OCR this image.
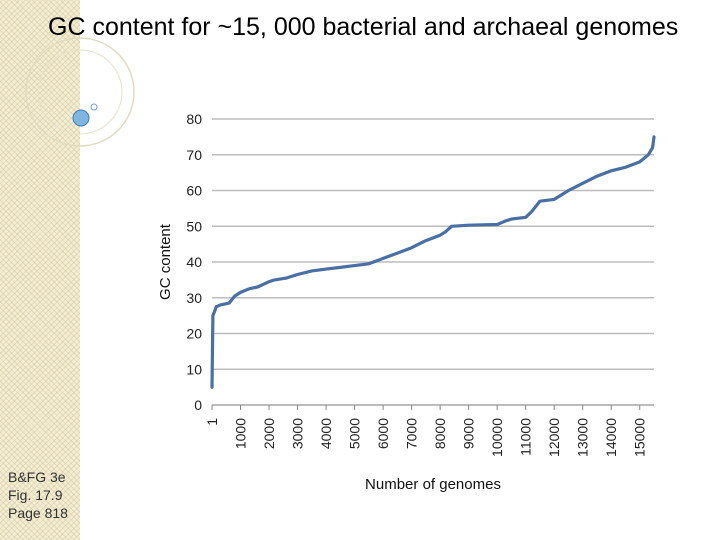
GC content for ~15, 000 bacterial and archaeal genomes
0
10
20
30
40
50
60
70
80
1 1000 2000 3000 4000 5000 6000 7000 8000 9000 10000 11000 12000 13000 14000 15000
Number of genomes
GC content
B&FG 3e
Fig. 17.9
Page 818
